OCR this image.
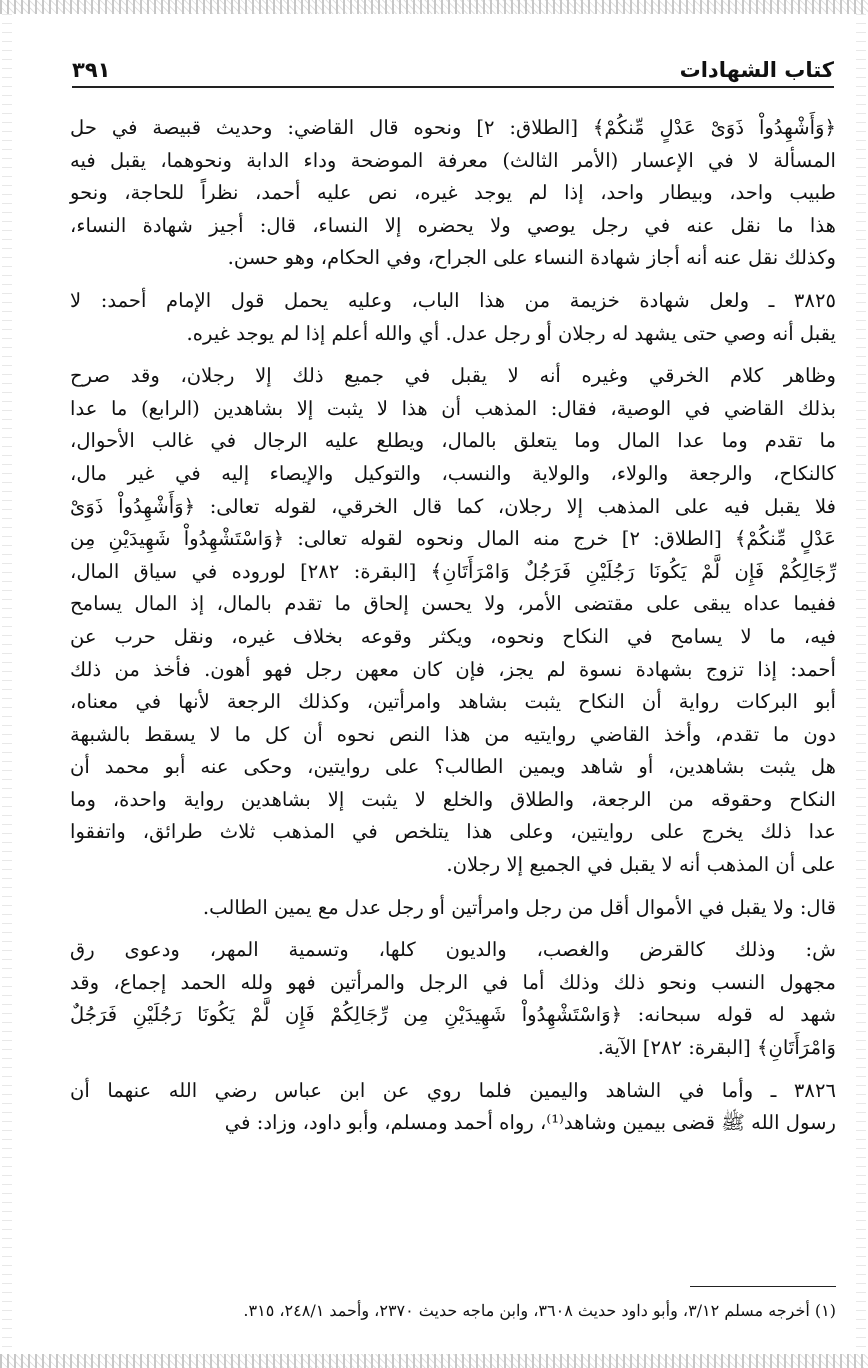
٣٩١	كتاب الشهادات
﴿وَأَشْهِدُواْ ذَوَىْ عَدْلٍ مِّنكُمْ﴾ [الطلاق: ٢] ونحوه قال القاضي: وحديث قبيصة في حل
المسألة لا في الإعسار (الأمر الثالث) معرفة الموضحة وداء الدابة ونحوهما، يقبل فيه
طبيب واحد، وبيطار واحد، إذا لم يوجد غيره، نص عليه أحمد، نظراً للحاجة، ونحو
هذا ما نقل عنه في رجل يوصي ولا يحضره إلا النساء، قال: أجيز شهادة النساء،
وكذلك نقل عنه أنه أجاز شهادة النساء على الجراح، وفي الحكام، وهو حسن.
٣٨٢٥ ـ ولعل شهادة خزيمة من هذا الباب، وعليه يحمل قول الإمام أحمد: لا
يقبل أنه وصي حتى يشهد له رجلان أو رجل عدل. أي والله أعلم إذا لم يوجد غيره.
وظاهر كلام الخرقي وغيره أنه لا يقبل في جميع ذلك إلا رجلان، وقد صرح
بذلك القاضي في الوصية، فقال: المذهب أن هذا لا يثبت إلا بشاهدين (الرابع) ما عدا
ما تقدم وما عدا المال وما يتعلق بالمال، ويطلع عليه الرجال في غالب الأحوال،
كالنكاح، والرجعة والولاء، والولاية والنسب، والتوكيل والإيصاء إليه في غير مال،
فلا يقبل فيه على المذهب إلا رجلان، كما قال الخرقي، لقوله تعالى: ﴿وَأَشْهِدُواْ ذَوَىْ
عَدْلٍ مِّنكُمْ﴾ [الطلاق: ٢] خرج منه المال ونحوه لقوله تعالى: ﴿وَاسْتَشْهِدُواْ شَهِيدَيْنِ مِن
رِّجَالِكُمْ فَإِن لَّمْ يَكُونَا رَجُلَيْنِ فَرَجُلٌ وَامْرَأَتَانِ﴾ [البقرة: ٢٨٢] لوروده في سياق المال،
ففيما عداه يبقى على مقتضى الأمر، ولا يحسن إلحاق ما تقدم بالمال، إذ المال يسامح
فيه، ما لا يسامح في النكاح ونحوه، ويكثر وقوعه بخلاف غيره، ونقل حرب عن
أحمد: إذا تزوج بشهادة نسوة لم يجز، فإن كان معهن رجل فهو أهون. فأخذ من ذلك
أبو البركات رواية أن النكاح يثبت بشاهد وامرأتين، وكذلك الرجعة لأنها في معناه،
دون ما تقدم، وأخذ القاضي روايتيه من هذا النص نحوه أن كل ما لا يسقط بالشبهة
هل يثبت بشاهدين، أو شاهد ويمين الطالب؟ على روايتين، وحكى عنه أبو محمد أن
النكاح وحقوقه من الرجعة، والطلاق والخلع لا يثبت إلا بشاهدين رواية واحدة، وما
عدا ذلك يخرج على روايتين، وعلى هذا يتلخص في المذهب ثلاث طرائق، واتفقوا
على أن المذهب أنه لا يقبل في الجميع إلا رجلان.
قال: ولا يقبل في الأموال أقل من رجل وامرأتين أو رجل عدل مع يمين الطالب.
ش: وذلك كالقرض والغصب، والديون كلها، وتسمية المهر، ودعوى رق
مجهول النسب ونحو ذلك وذلك أما في الرجل والمرأتين فهو ولله الحمد إجماع، وقد
شهد له قوله سبحانه: ﴿وَاسْتَشْهِدُواْ شَهِيدَيْنِ مِن رِّجَالِكُمْ فَإِن لَّمْ يَكُونَا رَجُلَيْنِ فَرَجُلٌ
وَامْرَأَتَانِ﴾ [البقرة: ٢٨٢] الآية.
٣٨٢٦ ـ وأما في الشاهد واليمين فلما روي عن ابن عباس رضي الله عنهما أن
رسول الله ﷺ قضى بيمين وشاهد⁽¹⁾، رواه أحمد ومسلم، وأبو داود، وزاد: في
(١) أخرجه مسلم ٣/١٢، وأبو داود حديث ٣٦٠٨، وابن ماجه حديث ٢٣٧٠، وأحمد ٢٤٨/١، ٣١٥.
